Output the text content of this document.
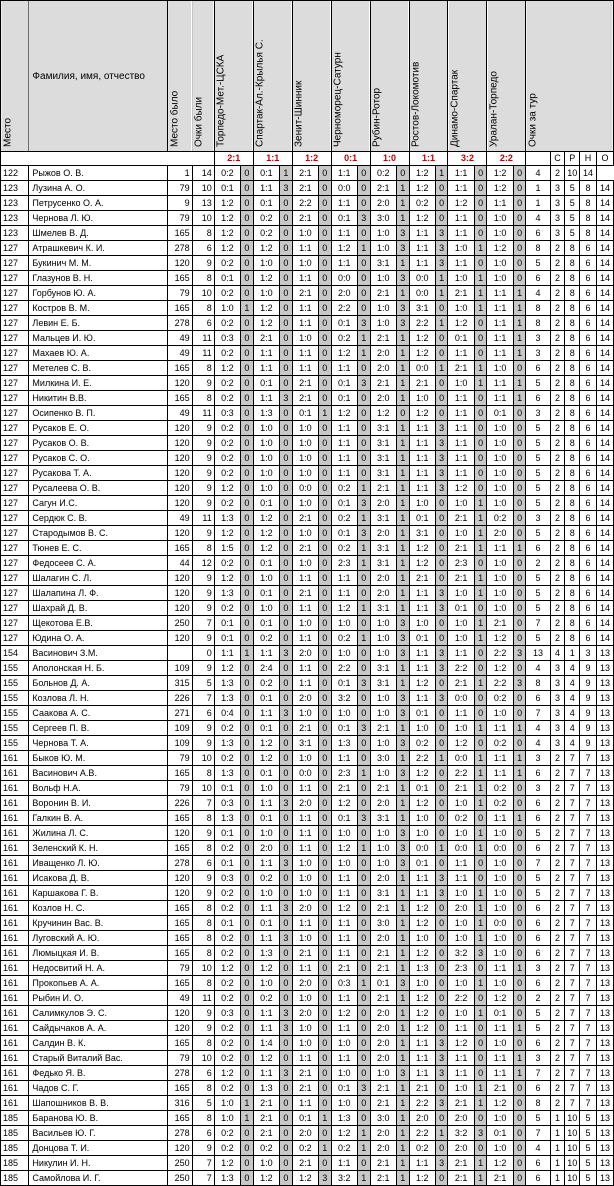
Место	Фамилия, имя, отчество	Место было	Очки были	Торпедо-Мет.-ЦСКА		Спартак-Ал.-Крылья С.		Зенит-Шинник		Черноморец-Сатурн		Рубин-Ротор		Ростов-Локомотив		Динамо-Спартак		Уралан-Торпедо		Очки за тур				
				2:1		1:1		1:2		0:1		1:0		1:1		3:2		2:2			С	Р	Н	О
122	Рыжов О. В.	1	14	0:2	0	0:1	1	2:1	0	1:1	0	0:2	0	1:2	1	1:1	0	1:2	0	4	2	10	14	
123	Лузина А. О.	79	10	0:1	0	1:1	3	2:1	0	0:0	0	2:1	1	1:2	0	1:1	0	1:2	0	1	3	5	8	14
123	Петрусенко О. А.	9	13	1:2	0	0:1	0	2:2	0	1:1	0	2:0	1	0:2	0	1:2	0	1:1	0	1	3	5	8	14
123	Чернова Л. Ю.	79	10	1:2	0	0:2	0	2:1	0	0:1	3	3:0	1	1:2	0	1:1	0	1:0	0	4	3	5	8	14
123	Шмелев В. Д.	165	8	1:2	0	0:2	0	1:0	0	1:1	0	1:0	3	1:1	3	1:1	0	1:0	0	6	3	5	8	14
127	Атрашкевич К. И.	278	6	1:2	0	1:2	0	1:1	0	1:2	1	1:0	3	1:1	3	1:0	1	1:2	0	8	2	8	6	14
127	Букинич М. М.	120	9	0:2	0	1:0	0	1:0	0	1:1	0	3:1	1	1:1	3	1:1	0	1:0	0	5	2	8	6	14
127	Глазунов В. Н.	165	8	0:1	0	1:2	0	1:1	0	0:0	0	1:0	3	0:0	1	1:0	1	1:0	0	6	2	8	6	14
127	Горбунов Ю. А.	79	10	0:2	0	1:0	0	2:1	0	2:0	0	2:1	1	0:0	1	2:1	1	1:1	1	4	2	8	6	14
127	Костров В. М.	165	8	1:0	1	1:2	0	1:1	0	2:2	0	1:0	3	3:1	0	1:0	1	1:1	1	8	2	8	6	14
127	Левин Е. Б.	278	6	0:2	0	1:2	0	1:1	0	0:1	3	1:0	3	2:2	1	1:2	0	1:1	1	8	2	8	6	14
127	Мальцев И. Ю.	49	11	0:3	0	2:1	0	1:0	0	0:2	1	2:1	1	1:2	0	0:1	0	1:1	1	3	2	8	6	14
127	Махаев Ю. А.	49	11	0:2	0	1:1	0	1:1	0	1:2	1	2:0	1	1:2	0	1:1	0	1:1	1	3	2	8	6	14
127	Метелев С. В.	165	8	1:2	0	1:1	0	1:1	0	1:1	0	2:0	1	0:0	1	2:1	1	1:0	0	6	2	8	6	14
127	Милкина И. Е.	120	9	0:2	0	0:1	0	2:1	0	0:1	3	2:1	1	2:1	0	1:0	1	1:1	1	5	2	8	6	14
127	Никитин В.В.	165	8	0:2	0	1:1	3	2:1	0	0:1	0	2:0	1	1:0	0	1:1	0	1:1	1	6	2	8	6	14
127	Осипенко В. П.	49	11	0:3	0	1:3	0	0:1	1	1:2	0	1:2	0	1:2	0	1:1	0	0:1	0	3	2	8	6	14
127	Русаков Е. О.	120	9	0:2	0	1:0	0	1:0	0	1:1	0	3:1	1	1:1	3	1:1	0	1:0	0	5	2	8	6	14
127	Русаков О. В.	120	9	0:2	0	1:0	0	1:0	0	1:1	0	3:1	1	1:1	3	1:1	0	1:0	0	5	2	8	6	14
127	Русаков С. О.	120	9	0:2	0	1:0	0	1:0	0	1:1	0	3:1	1	1:1	3	1:1	0	1:0	0	5	2	8	6	14
127	Русакова Т. А.	120	9	0:2	0	1:0	0	1:0	0	1:1	0	3:1	1	1:1	3	1:1	0	1:0	0	5	2	8	6	14
127	Русалеева О. В.	120	9	1:2	0	1:0	0	0:0	0	0:2	1	2:1	1	1:1	3	1:2	0	1:0	0	5	2	8	6	14
127	Сагун И.С.	120	9	0:2	0	0:1	0	1:0	0	0:1	3	2:0	1	1:0	0	1:0	1	1:0	0	5	2	8	6	14
127	Сердюк С. В.	49	11	1:3	0	1:2	0	2:1	0	0:2	1	3:1	1	0:1	0	2:1	1	0:2	0	3	2	8	6	14
127	Стародымов В. С.	120	9	1:2	0	1:2	0	1:0	0	0:1	3	2:0	1	3:1	0	1:0	1	2:0	0	5	2	8	6	14
127	Тюнев Е. С.	165	8	1:5	0	1:2	0	2:1	0	0:2	1	3:1	1	1:2	0	2:1	1	1:1	1	6	2	8	6	14
127	Федосеев С. А.	44	12	0:2	0	0:1	0	1:0	0	2:3	1	3:1	1	1:2	0	2:3	0	1:0	0	2	2	8	6	14
127	Шалагин С. Л.	120	9	1:2	0	1:0	0	1:1	0	1:1	0	2:0	1	2:1	0	2:1	1	1:0	0	5	2	8	6	14
127	Шалапина Л. Ф.	120	9	1:3	0	0:1	0	2:1	0	1:1	0	2:0	1	1:1	3	1:0	1	1:0	0	5	2	8	6	14
127	Шахрай Д. В.	120	9	0:2	0	1:0	0	1:1	0	1:2	1	3:1	1	1:1	3	0:1	0	1:0	0	5	2	8	6	14
127	Щекотова Е.В.	250	7	0:1	0	0:1	0	1:0	0	1:0	0	1:0	3	1:0	0	1:0	1	2:1	0	7	2	8	6	14
127	Юдина О. А.	120	9	0:1	0	0:2	0	1:1	0	0:2	1	1:0	3	0:1	0	1:0	1	1:2	0	5	2	8	6	14
154	Васинович З.М.		0	1:1	1	1:1	3	2:0	0	1:0	0	1:0	3	1:1	3	1:1	0	2:2	3	13	4	1	3	13
155	Аполонская Н. Б.	109	9	1:2	0	2:4	0	1:1	0	2:2	0	3:1	1	1:1	3	2:2	0	1:2	0	4	3	4	9	13
155	Больнов Д. А.	315	5	1:3	0	0:2	0	1:1	0	0:1	3	3:1	1	1:2	0	2:1	1	2:2	3	8	3	4	9	13
155	Козлова Л. Н.	226	7	1:3	0	0:1	0	2:0	0	3:2	0	1:0	3	1:1	3	0:0	0	0:2	0	6	3	4	9	13
155	Саакова А. С.	271	6	0:4	0	1:1	3	1:0	0	1:0	0	1:0	3	0:1	0	1:1	0	1:0	0	7	3	4	9	13
155	Сергеев П. В.	109	9	0:2	0	0:1	0	2:1	0	0:1	3	2:1	1	1:0	0	1:0	1	1:1	1	4	3	4	9	13
155	Чернова Т. А.	109	9	1:3	0	1:2	0	3:1	0	1:3	0	1:0	3	0:2	0	1:2	0	0:2	0	4	3	4	9	13
161	Быков Ю. М.	79	10	0:2	0	1:2	0	1:0	0	1:1	0	3:0	1	2:2	1	0:0	1	1:1	1	3	2	7	7	13
161	Васинович А.В.	165	8	1:3	0	0:1	0	0:0	0	2:3	1	1:0	3	1:2	0	2:2	1	1:1	1	6	2	7	7	13
161	Вольф Н.А.	79	10	0:1	0	1:0	0	1:1	0	2:1	0	2:1	1	0:1	0	2:1	1	0:2	0	3	2	7	7	13
161	Воронин В. И.	226	7	0:3	0	1:1	3	2:0	0	1:2	0	2:0	1	1:2	0	1:0	1	0:2	0	6	2	7	7	13
161	Галкин В. А.	165	8	1:3	0	0:1	0	1:1	0	0:1	3	3:1	1	1:0	0	0:2	0	1:1	1	6	2	7	7	13
161	Жилина Л. С.	120	9	0:1	0	1:0	0	1:1	0	1:0	0	1:0	3	1:0	0	1:0	1	1:0	0	5	2	7	7	13
161	Зеленский К. Н.	165	8	0:2	0	2:0	0	1:1	0	1:2	1	1:0	3	0:0	1	0:0	1	0:0	0	6	2	7	7	13
161	Иващенко Л. Ю.	278	6	0:1	0	1:1	3	1:0	0	1:0	0	1:0	3	0:1	0	1:1	0	1:0	0	7	2	7	7	13
161	Исакова Д. В.	120	9	0:3	0	0:2	0	1:0	0	1:1	0	2:0	1	1:1	3	1:1	0	1:0	0	5	2	7	7	13
161	Каршакова Г. В.	120	9	0:2	0	1:0	0	1:0	0	1:1	0	3:1	1	1:1	3	1:0	1	1:0	0	5	2	7	7	13
161	Козлов Н. С.	165	8	0:2	0	1:1	3	2:0	0	1:2	0	2:1	1	1:2	0	2:0	1	1:0	0	6	2	7	7	13
161	Кручинин Вас. В.	165	8	0:1	0	0:1	0	1:1	0	1:1	0	3:0	1	1:2	0	1:0	1	0:0	0	6	2	7	7	13
161	Луговский А. Ю.	165	8	0:2	0	1:1	3	1:0	0	1:1	0	2:0	1	1:0	0	1:0	1	1:0	0	6	2	7	7	13
161	Люмыцкая И. В.	165	8	0:2	0	1:3	0	2:1	0	1:1	0	2:1	1	1:2	0	3:2	3	1:0	0	6	2	7	7	13
161	Недосвитий Н. А.	79	10	1:2	0	1:2	0	1:1	0	2:1	0	2:1	1	1:3	0	2:3	0	1:1	1	3	2	7	7	13
161	Прокопьев А. А.	165	8	0:2	0	1:0	0	2:0	0	0:3	1	0:1	3	1:0	0	1:0	1	1:0	0	6	2	7	7	13
161	Рыбин И. О.	49	11	0:2	0	0:2	0	1:0	0	1:1	0	2:1	1	1:2	0	2:2	0	1:2	0	2	2	7	7	13
161	Салимкулов Э. С.	120	9	0:3	0	1:1	3	2:0	0	1:2	0	2:0	1	1:2	0	1:0	1	0:1	0	5	2	7	7	13
161	Сайдычаков А. А.	120	9	0:2	0	1:1	3	1:0	0	1:1	0	2:0	1	1:2	0	1:1	0	1:1	1	5	2	7	7	13
161	Салдин В. К.	165	8	0:2	0	1:4	0	1:0	0	1:0	0	2:0	1	1:1	3	1:2	0	1:0	0	6	2	7	7	13
161	Старый Виталий Вас.	79	10	0:2	0	1:2	0	1:1	0	1:1	0	2:0	1	1:1	3	1:1	0	1:1	1	3	2	7	7	13
161	Федько Я. В.	278	6	1:2	0	1:1	3	2:1	0	1:0	0	1:0	3	1:1	3	1:1	0	1:1	1	7	2	7	7	13
161	Чадов С. Г.	165	8	0:2	0	1:3	0	2:1	0	0:1	3	2:1	1	2:1	0	1:0	1	2:1	0	6	2	7	7	13
161	Шапошников В. В.	316	5	1:0	1	2:1	0	1:1	0	1:0	0	2:1	1	2:2	3	2:1	1	1:2	0	8	2	7	7	13
185	Баранова Ю. В.	165	8	1:0	1	2:1	0	0:1	1	1:3	0	3:0	1	2:0	0	2:0	0	1:0	0	5	1	10	5	13
185	Васильев Ю. Г.	278	6	0:2	0	2:1	0	2:0	0	1:2	1	2:0	1	2:2	1	3:2	3	0:1	0	7	1	10	5	13
185	Донцова Т. И.	120	9	0:2	0	0:2	0	0:2	1	0:2	1	2:0	1	0:2	0	2:0	0	1:0	0	4	1	10	5	13
185	Никулин И. Н.	250	7	1:2	0	1:0	0	2:1	0	1:1	0	2:1	1	1:1	3	2:1	1	1:2	0	6	1	10	5	13
185	Самойлова И. Г.	250	7	1:3	0	1:2	0	1:2	3	3:2	1	2:1	1	1:2	0	2:1	1	2:1	0	6	1	10	5	13
